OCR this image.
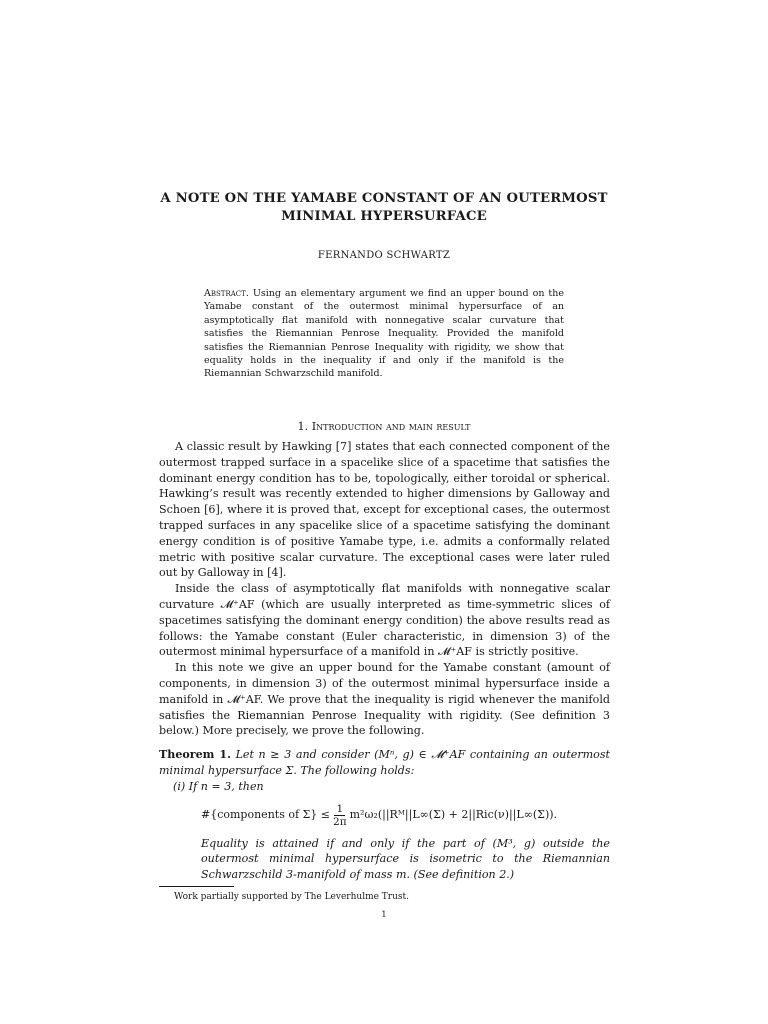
A NOTE ON THE YAMABE CONSTANT OF AN OUTERMOST
MINIMAL HYPERSURFACE
FERNANDO SCHWARTZ
Abstract. Using an elementary argument we find an upper bound on the Yamabe constant of the outermost minimal hypersurface of an asymptotically flat manifold with nonnegative scalar curvature that satisfies the Riemannian Penrose Inequality. Provided the manifold satisfies the Riemannian Penrose Inequality with rigidity, we show that equality holds in the inequality if and only if the manifold is the Riemannian Schwarzschild manifold.
1. Introduction and main result

A classic result by Hawking [7] states that each connected component of the outermost trapped surface in a spacelike slice of a spacetime that satisfies the dominant energy condition has to be, topologically, either toroidal or spherical. Hawking’s result was recently extended to higher dimensions by Galloway and Schoen [6], where it is proved that, except for exceptional cases, the outermost trapped surfaces in any spacelike slice of a spacetime satisfying the dominant energy condition is of positive Yamabe type, i.e. admits a conformally related metric with positive scalar curvature. The exceptional cases were later ruled out by Galloway in [4].

Inside the class of asymptotically flat manifolds with nonnegative scalar curvature 𝓜⁺AF (which are usually interpreted as time-symmetric slices of spacetimes satisfying the dominant energy condition) the above results read as follows: the Yamabe constant (Euler characteristic, in dimension 3) of the outermost minimal hypersurface of a manifold in 𝓜⁺AF is strictly positive.

In this note we give an upper bound for the Yamabe constant (amount of components, in dimension 3) of the outermost minimal hypersurface inside a manifold in 𝓜⁺AF. We prove that the inequality is rigid whenever the manifold satisfies the Riemannian Penrose Inequality with rigidity. (See definition 3 below.) More precisely, we prove the following.

Theorem 1. Let n ≥ 3 and consider (Mⁿ, g) ∈ 𝓜⁺AF containing an outermost minimal hypersurface Σ. The following holds:
(i) If n = 3, then
#{components of $\Sigma\} \le \frac{1}{2\pi}$ m²ω₂(||Rᴹ||L∞(Σ) + 2||Ric(ν)||L∞(Σ)).
Equality is attained if and only if the part of (M³, g) outside the outermost minimal hypersurface is isometric to the Riemannian Schwarzschild 3-manifold of mass m. (See definition 2.)
Work partially supported by The Leverhulme Trust.
1
